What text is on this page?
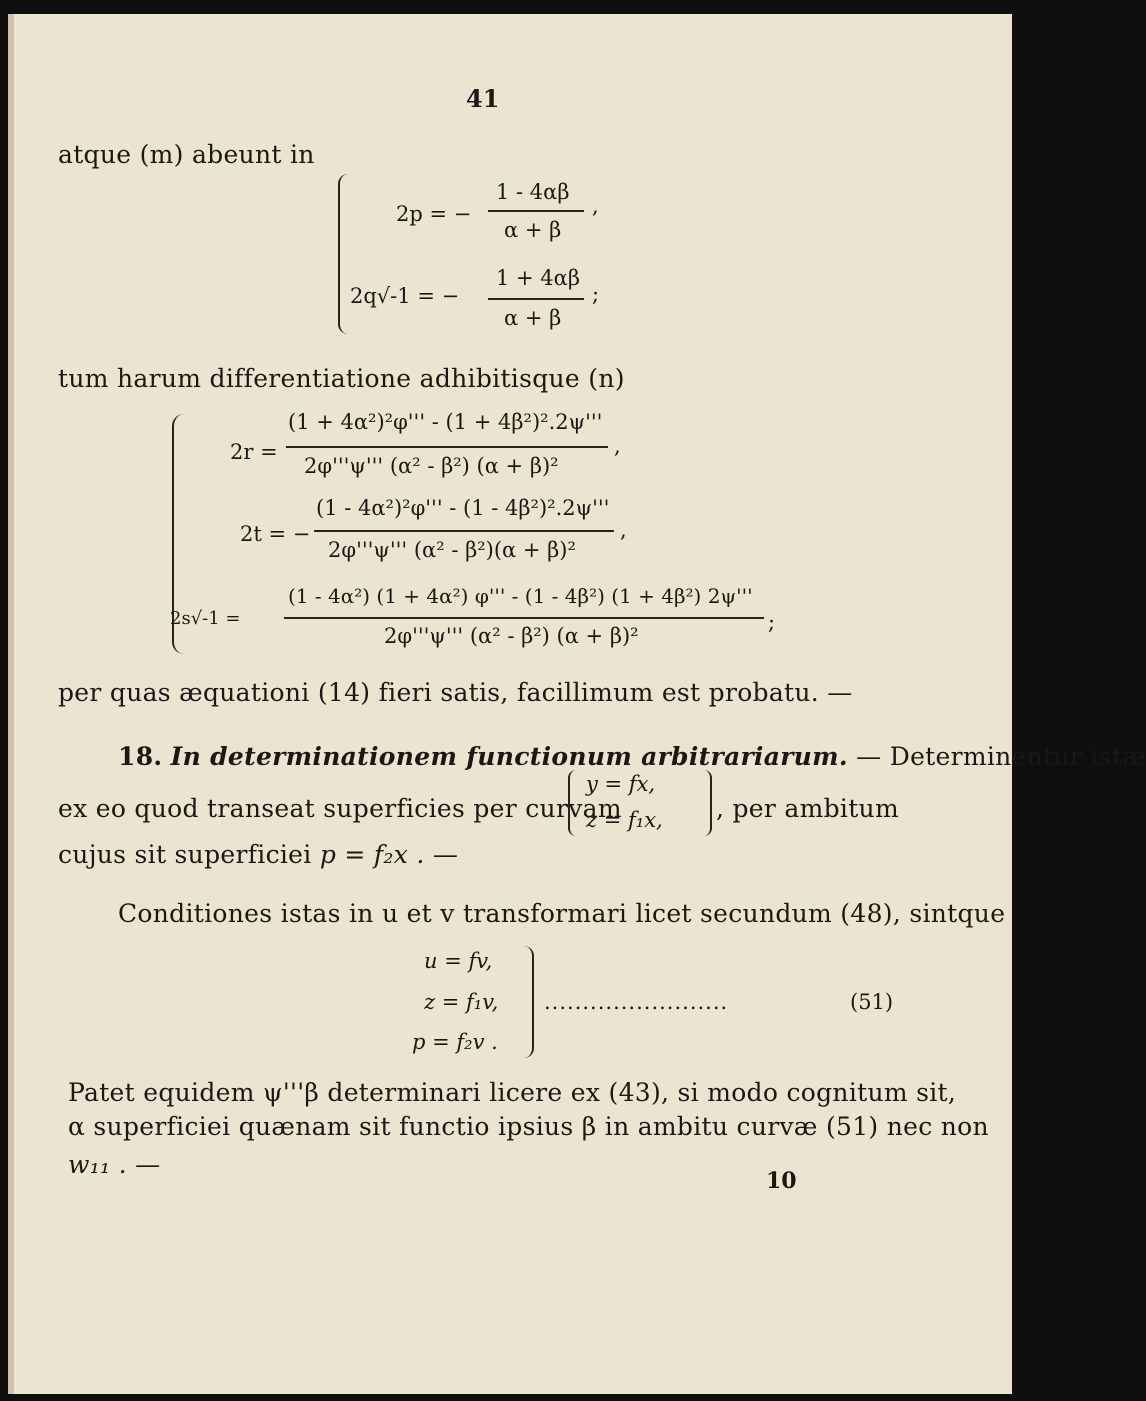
41
atque (m) abeunt in
2p = −
1 - 4αβ
α + β
,
2q√-1 = −
1 + 4αβ
α + β
;
tum harum differentiatione adhibitisque (n)
2r =
(1 + 4α²)²φ''' - (1 + 4β²)².2ψ'''
2φ'''ψ''' (α² - β²) (α + β)²
,
2t = −
(1 - 4α²)²φ''' - (1 - 4β²)².2ψ'''
2φ'''ψ''' (α² - β²)(α + β)²
,
2s√-1 =
(1 - 4α²) (1 + 4α²) φ''' - (1 - 4β²) (1 + 4β²) 2ψ'''
2φ'''ψ''' (α² - β²) (α + β)²
;
per quas æquationi (14) fieri satis, facillimum est probatu. —
18. In determinationem functionum arbitrariarum. — Determinentur istæ
ex eo quod transeat superficies per curvam
y = fx,
z = f₁x, , per ambitum
cujus sit superficiei p = f₂x . —
Conditiones istas in u et v transformari licet secundum (48), sintque
u = fv,
z = f₁v,
p = f₂v .
........................	(51)
Patet equidem ψ'''β determinari licere ex (43), si modo cognitum sit,
α superficiei quænam sit functio ipsius β in ambitu curvæ (51) nec non
w₁₁ . —
10
